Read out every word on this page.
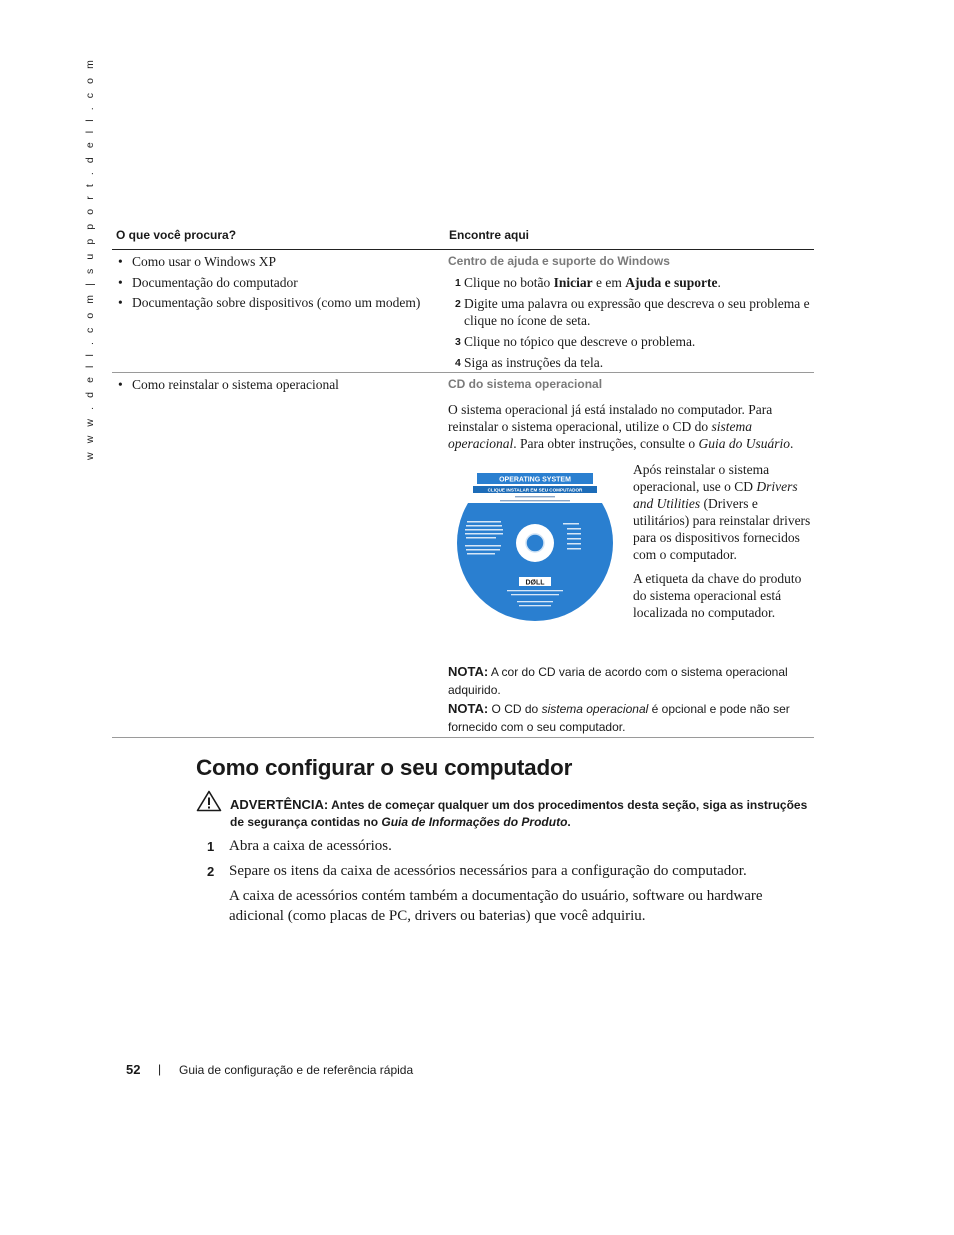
w w w . d e l l . c o m | s u p p o r t . d e l l . c o m O que você procura?	Encontre aqui
• Como usar o Windows XP
• Documentação do computador
• Documentação sobre dispositivos (como um modem)
Centro de ajuda e suporte do Windows
1 Clique no botão Iniciar e em Ajuda e suporte.
2 Digite uma palavra ou expressão que descreva o seu problema e clique no ícone de seta.
3 Clique no tópico que descreve o problema.
4 Siga as instruções da tela.
• Como reinstalar o sistema operacional	CD do sistema operacional
O sistema operacional já está instalado no computador. Para reinstalar o sistema operacional, utilize o CD do sistema operacional. Para obter instruções, consulte o Guia do Usuário.
Após reinstalar o sistema operacional, use o CD Drivers and Utilities (Drivers e utilitários) para reinstalar drivers para os dispositivos fornecidos com o computador.
A etiqueta da chave do produto do sistema operacional está localizada no computador.
NOTA: A cor do CD varia de acordo com o sistema operacional adquirido.
NOTA: O CD do sistema operacional é opcional e pode não ser fornecido com o seu computador.
OPERATING SYSTEM
CLIQUE INSTALAR EM SEU COMPUTADOR
DØLL
Como configurar o seu computador
ADVERTÊNCIA: Antes de começar qualquer um dos procedimentos desta seção, siga as instruções de segurança contidas no Guia de Informações do Produto.
1 Abra a caixa de acessórios.
2 Separe os itens da caixa de acessórios necessários para a configuração do computador.
A caixa de acessórios contém também a documentação do usuário, software ou hardware adicional (como placas de PC, drivers ou baterias) que você adquiriu.
52 | Guia de configuração e de referência rápida
